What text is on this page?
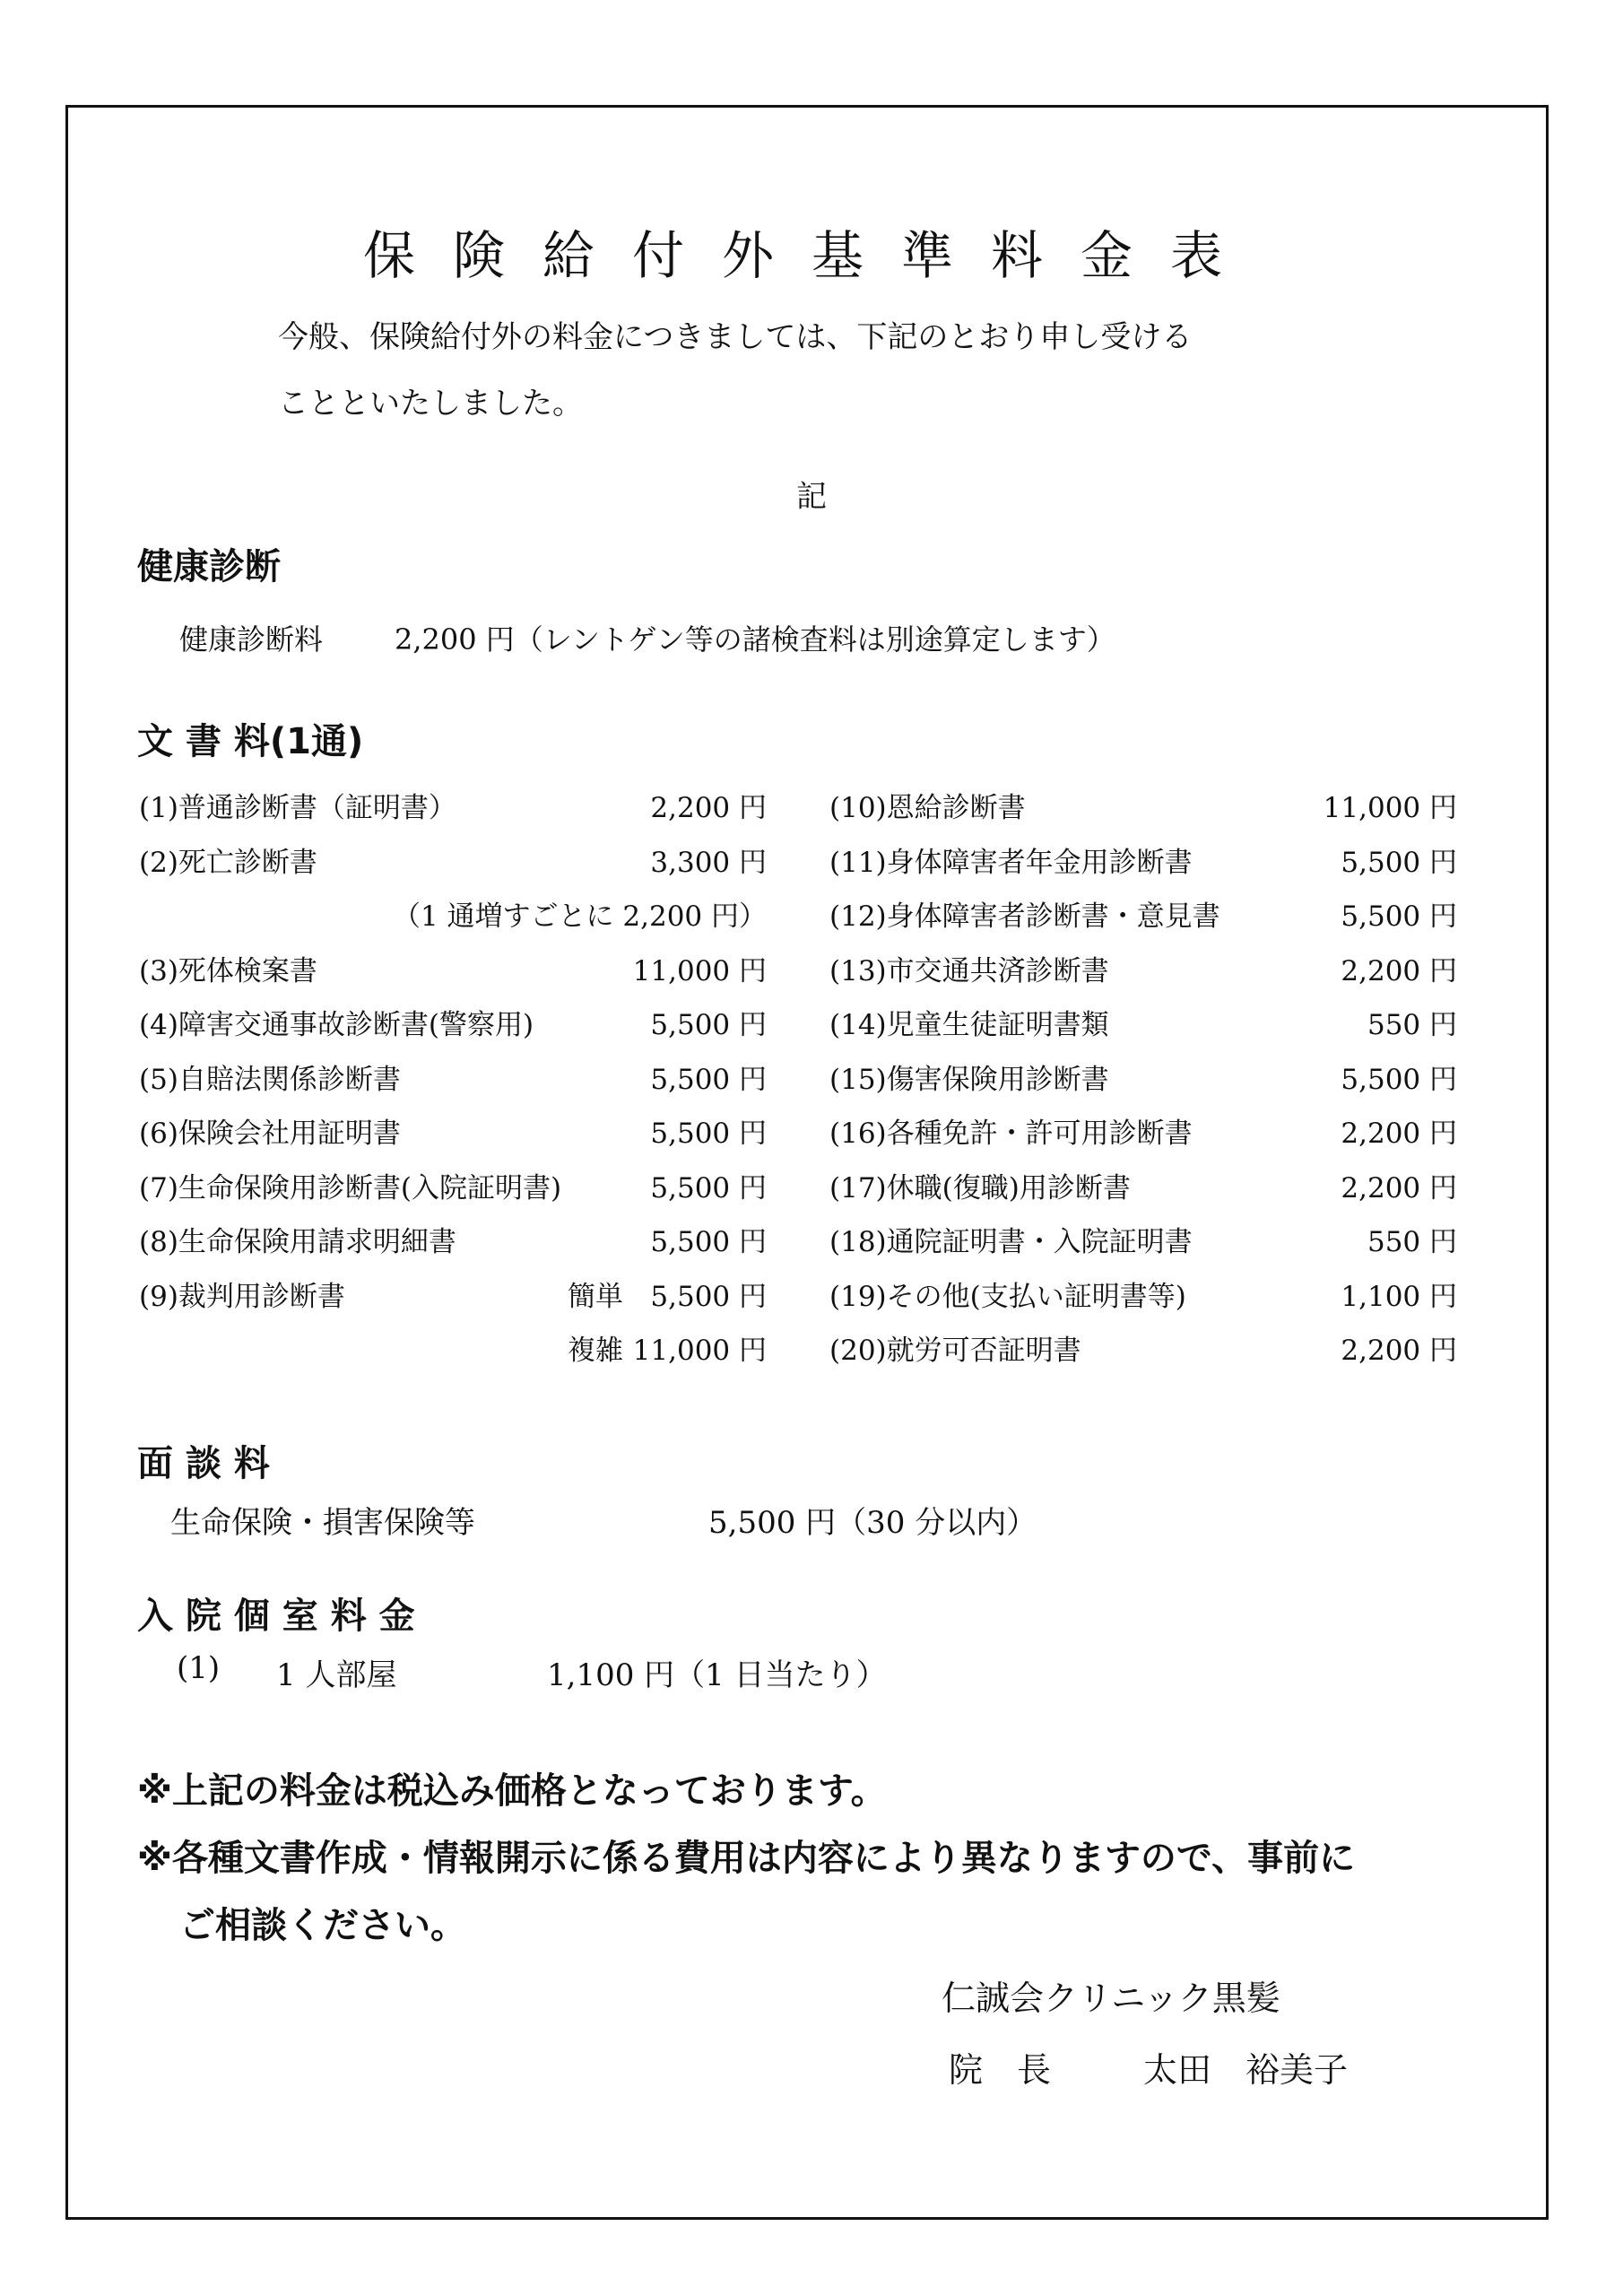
保険給付外基準料金表
今般、保険給付外の料金につきましては、下記のとおり申し受ける
ことといたしました。
記
健康診断
健康診断料 2,200 円（レントゲン等の諸検査料は別途算定します）
文 書 料(1通)
(1)普通診断書（証明書）	2,200 円
(2)死亡診断書	3,300 円
（1 通増すごとに 2,200 円）
(3)死体検案書	11,000 円
(4)障害交通事故診断書(警察用)	5,500 円
(5)自賠法関係診断書	5,500 円
(6)保険会社用証明書	5,500 円
(7)生命保険用診断書(入院証明書)	5,500 円
(8)生命保険用請求明細書	5,500 円
(9)裁判用診断書	簡単 5,500 円
複雑 11,000 円
(10)恩給診断書	11,000 円
(11)身体障害者年金用診断書	5,500 円
(12)身体障害者診断書・意見書	5,500 円
(13)市交通共済診断書	2,200 円
(14)児童生徒証明書類	550 円
(15)傷害保険用診断書	5,500 円
(16)各種免許・許可用診断書	2,200 円
(17)休職(復職)用診断書	2,200 円
(18)通院証明書・入院証明書	550 円
(19)その他(支払い証明書等)	1,100 円
(20)就労可否証明書	2,200 円
面 談 料
生命保険・損害保険等	5,500 円（30 分以内）
入 院 個 室 料 金
(1) 1 人部屋	1,100 円（1 日当たり）
※上記の料金は税込み価格となっております。
※各種文書作成・情報開示に係る費用は内容により異なりますので、事前に
ご相談ください。
仁誠会クリニック黒髪
院　長	太田　裕美子
